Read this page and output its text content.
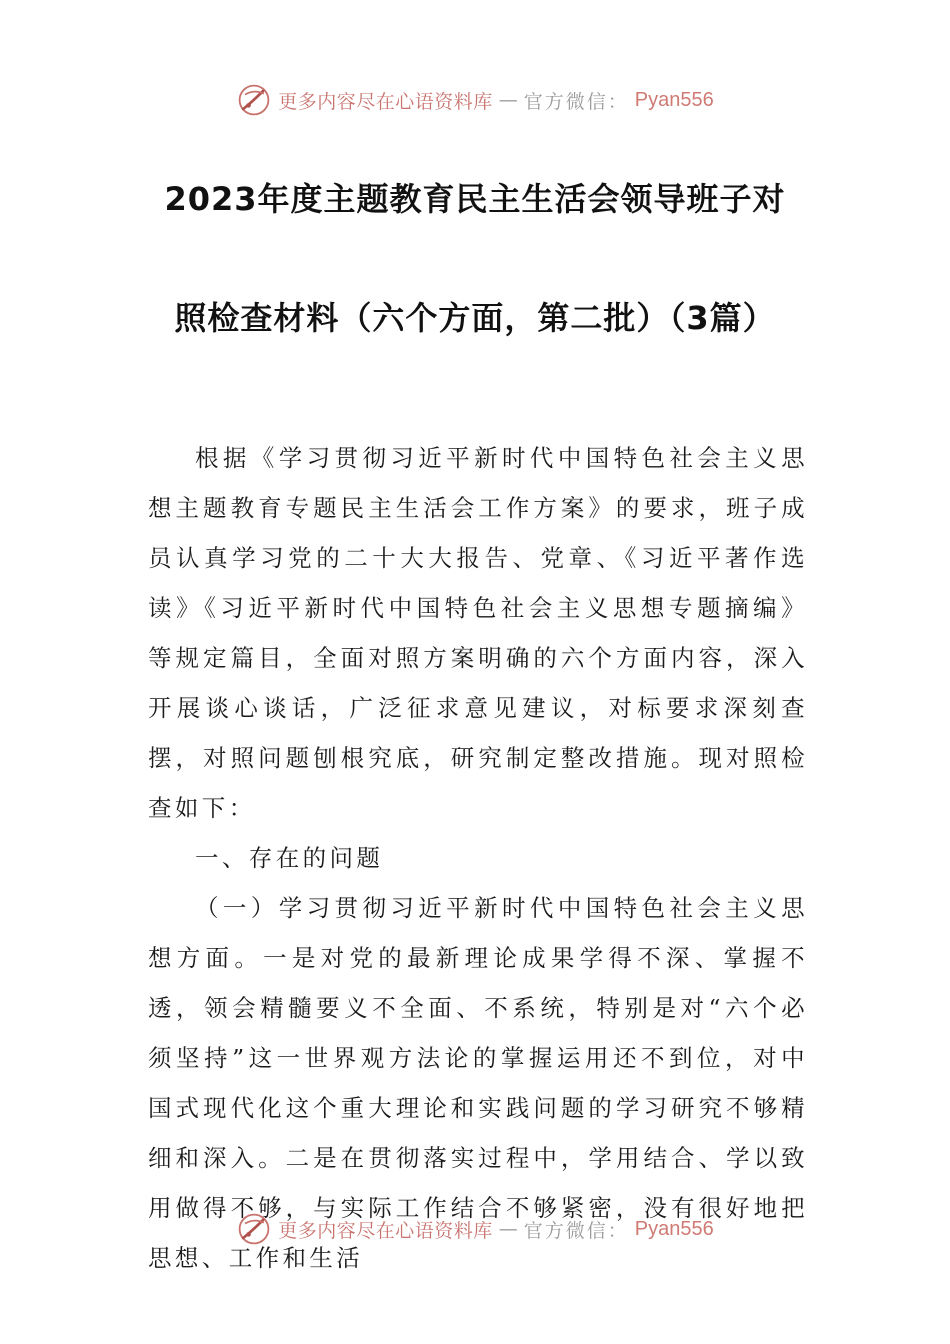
更多内容尽在心语资料库 — 官方微信： Pyan556
2023年度主题教育民主生活会领导班子对
照检查材料（六个方面，第二批）（3篇）

根据《学习贯彻习近平新时代中国特色社会主义思想主题教育专题民主生活会工作方案》的要求，班子成员认真学习党的二十大大报告、党章、《习近平著作选读》《习近平新时代中国特色社会主义思想专题摘编》等规定篇目，全面对照方案明确的六个方面内容，深入开展谈心谈话，广泛征求意见建议，对标要求深刻查摆，对照问题刨根究底，研究制定整改措施。现对照检查如下：

一、存在的问题

（一）学习贯彻习近平新时代中国特色社会主义思想方面。一是对党的最新理论成果学得不深、掌握不透，领会精髓要义不全面、不系统，特别是对“六个必须坚持”这一世界观方法论的掌握运用还不到位，对中国式现代化这个重大理论和实践问题的学习研究不够精细和深入。二是在贯彻落实过程中，学用结合、学以致用做得不够，与实际工作结合不够紧密，没有很好地把思想、工作和生活

更多内容尽在心语资料库 — 官方微信： Pyan556
